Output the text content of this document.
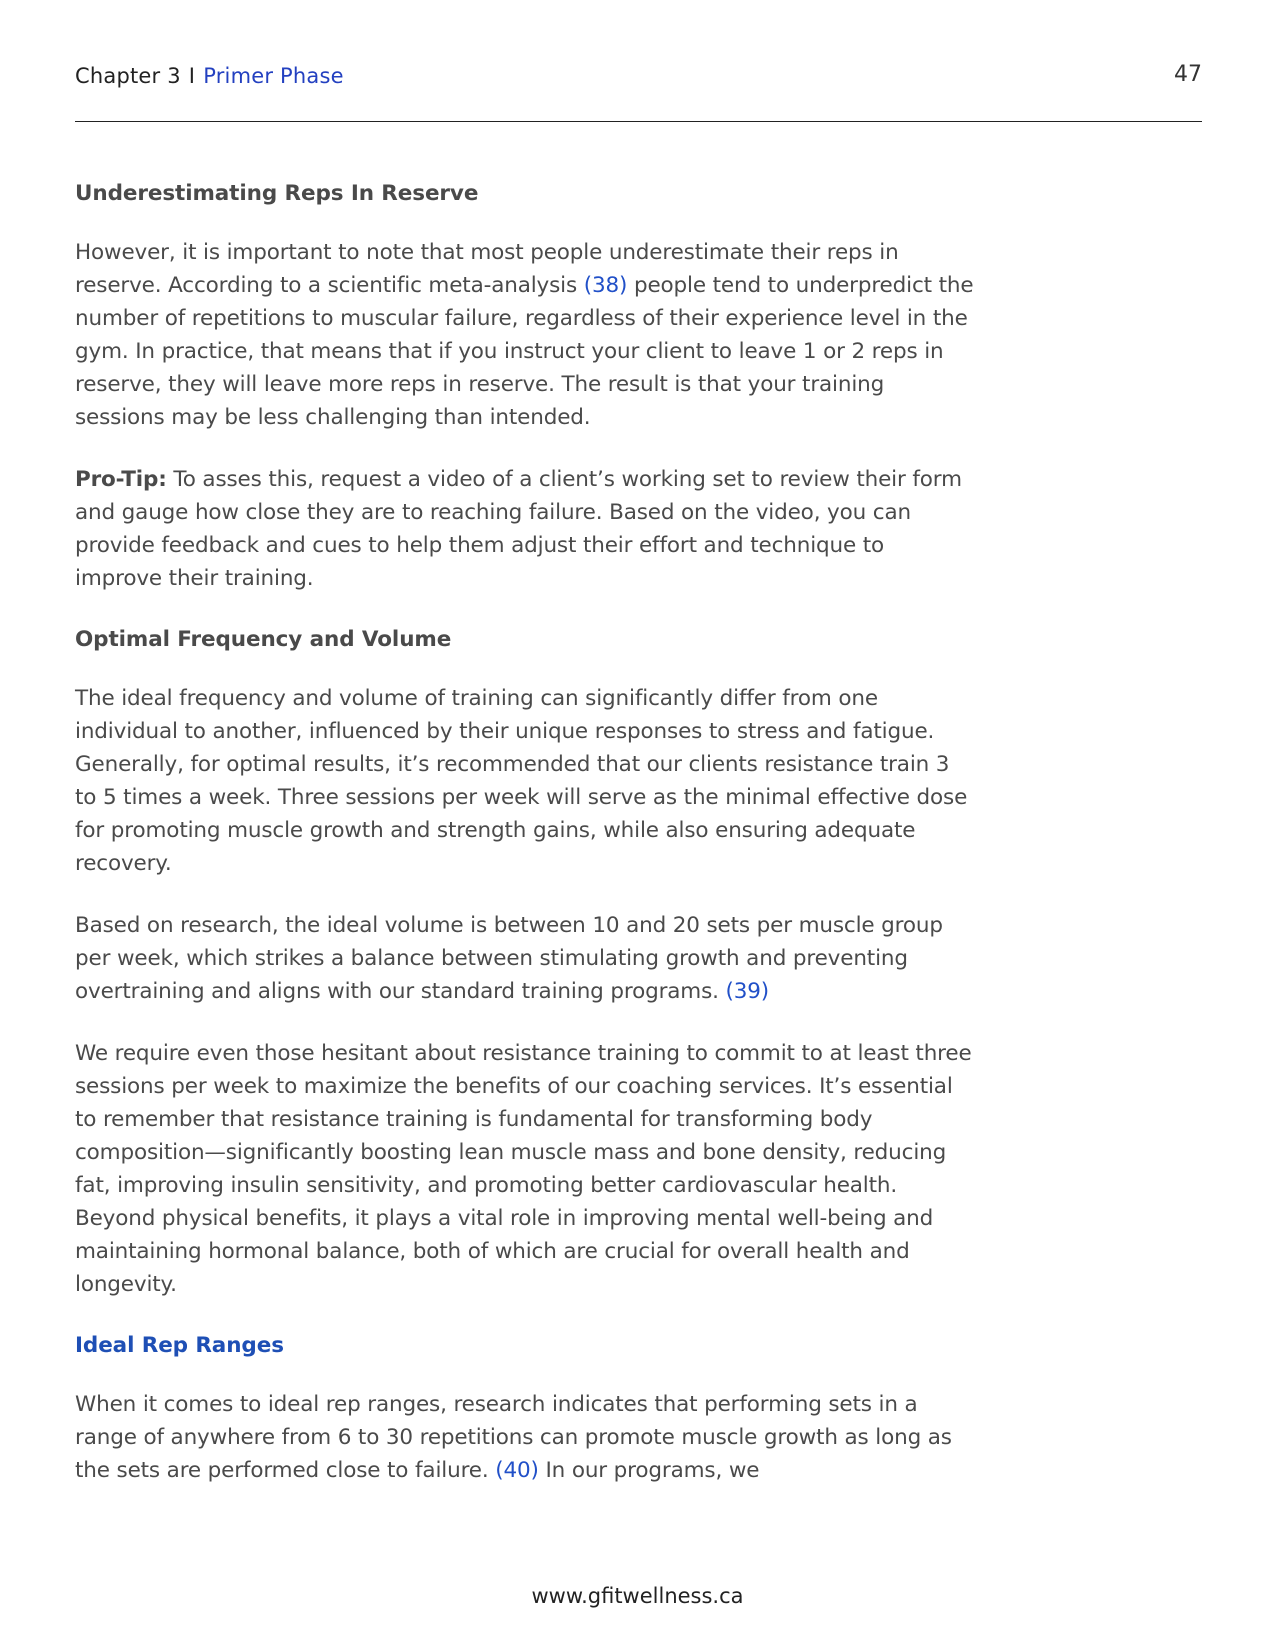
Chapter 3 I Primer Phase	47
Underestimating Reps In Reserve

However, it is important to note that most people underestimate their reps in reserve. According to a scientific meta-analysis (38) people tend to underpredict the number of repetitions to muscular failure, regardless of their experience level in the gym. In practice, that means that if you instruct your client to leave 1 or 2 reps in reserve, they will leave more reps in reserve. The result is that your training sessions may be less challenging than intended.

Pro-Tip: To asses this, request a video of a client’s working set to review their form and gauge how close they are to reaching failure. Based on the video, you can provide feedback and cues to help them adjust their effort and technique to improve their training.

Optimal Frequency and Volume

The ideal frequency and volume of training can significantly differ from one individual to another, influenced by their unique responses to stress and fatigue. Generally, for optimal results, it’s recommended that our clients resistance train 3 to 5 times a week. Three sessions per week will serve as the minimal effective dose for promoting muscle growth and strength gains, while also ensuring adequate recovery.

Based on research, the ideal volume is between 10 and 20 sets per muscle group per week, which strikes a balance between stimulating growth and preventing overtraining and aligns with our standard training programs. (39)

We require even those hesitant about resistance training to commit to at least three sessions per week to maximize the benefits of our coaching services. It’s essential to remember that resistance training is fundamental for transforming body composition—significantly boosting lean muscle mass and bone density, reducing fat, improving insulin sensitivity, and promoting better cardiovascular health. Beyond physical benefits, it plays a vital role in improving mental well-being and maintaining hormonal balance, both of which are crucial for overall health and longevity.

Ideal Rep Ranges

When it comes to ideal rep ranges, research indicates that performing sets in a range of anywhere from 6 to 30 repetitions can promote muscle growth as long as the sets are performed close to failure. (40) In our programs, we

www.gfitwellness.ca
